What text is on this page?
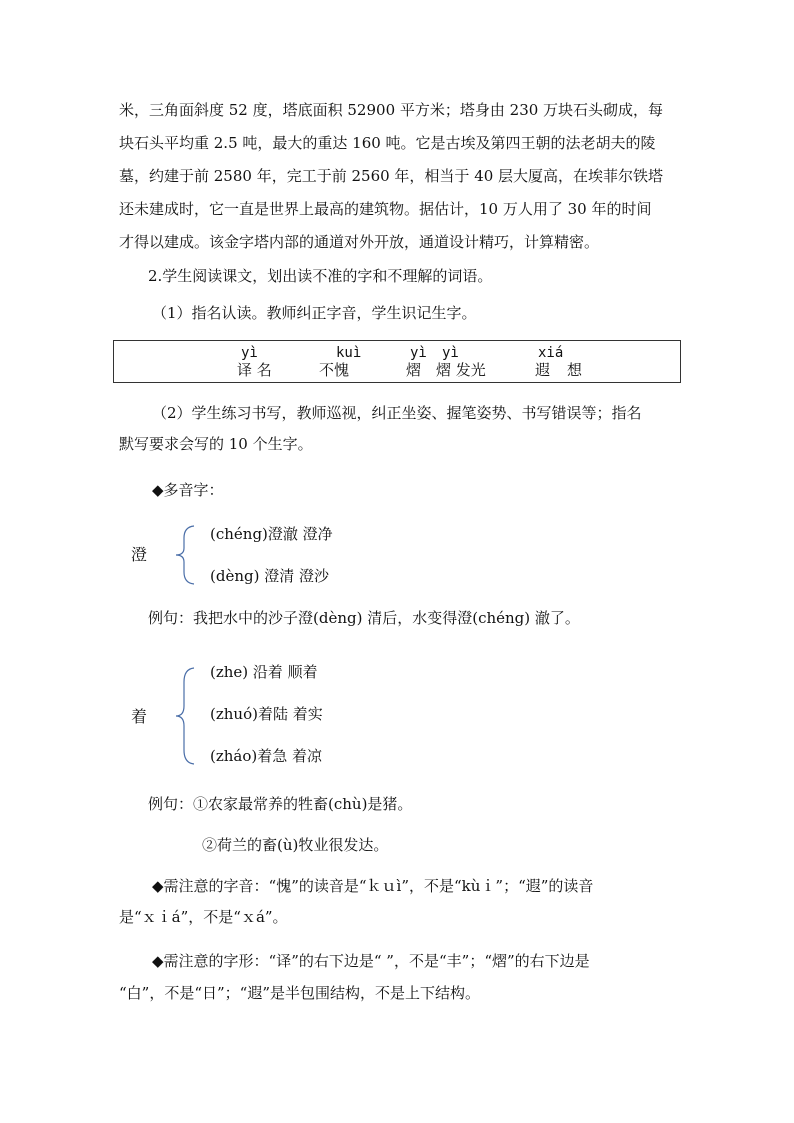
米，三角面斜度 52 度，塔底面积 52900 平方米；塔身由 230 万块石头砌成，每
块石头平均重 2.5 吨，最大的重达 160 吨。它是古埃及第四王朝的法老胡夫的陵
墓，约建于前 2580 年，完工于前 2560 年，相当于 40 层大厦高，在埃菲尔铁塔
还未建成时，它一直是世界上最高的建筑物。据估计，10 万人用了 30 年的时间
才得以建成。该金字塔内部的通道对外开放，通道设计精巧，计算精密。
2.学生阅读课文，划出读不准的字和不理解的词语。
（1）指名认读。教师纠正字音，学生识记生字。
yì	kuì	yì yì	xiá
译 名	不愧	熠 熠 发光	遐 想
（2）学生练习书写，教师巡视，纠正坐姿、握笔姿势、书写错误等；指名
默写要求会写的 10 个生字。
◆多音字：
澄
(chéng)澄澈 澄净
(dèng) 澄清 澄沙
例句：我把水中的沙子澄(dèng) 清后，水变得澄(chéng) 澈了。
着
(zhe) 沿着 顺着
(zhuó)着陆 着实
(zháo)着急 着凉
例句：①农家最常养的牲畜(chù)是猪。
②荷兰的畜(ù)牧业很发达。
◆需注意的字音：“愧”的读音是“ｋｕì”，不是“kùｉ”；“遐”的读音
是“ｘｉá”，不是“ｘá”。
◆需注意的字形：“译”的右下边是“ ”，不是“丰”；“熠”的右下边是
“白”，不是“日”；“遐”是半包围结构，不是上下结构。
